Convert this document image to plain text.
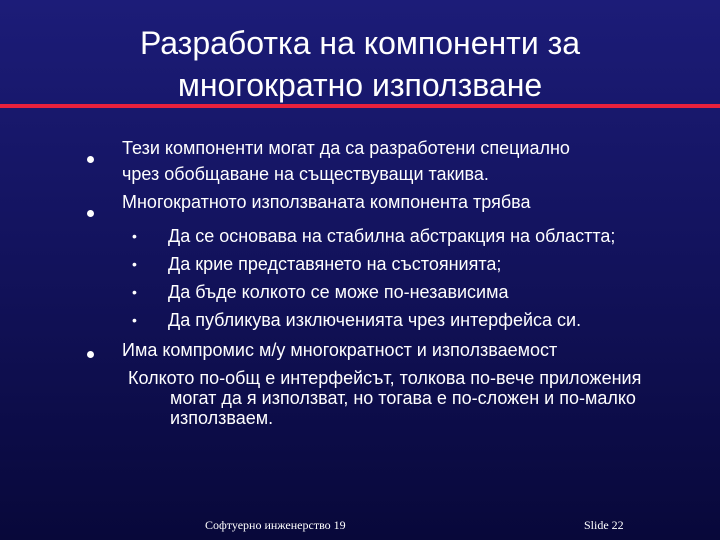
Разработка на компоненти за
многократно използване
Тези компоненти могат да са разработени специално
чрез обобщаване на съществуващи такива.
Многократното използваната компонента трябва
• Да се основава на стабилна абстракция на областта;
• Да крие представянето на състоянията;
• Да бъде колкото се може по-независима
• Да публикува изключенията чрез интерфейса си.
Има компромис м/у многократност и използваемост
Колкото по-общ е интерфейсът, толкова по-вече приложения
могат да я използват, но тогава е по-сложен и по-малко
използваем.
Софтуерно инженерство 19	Slide 22
